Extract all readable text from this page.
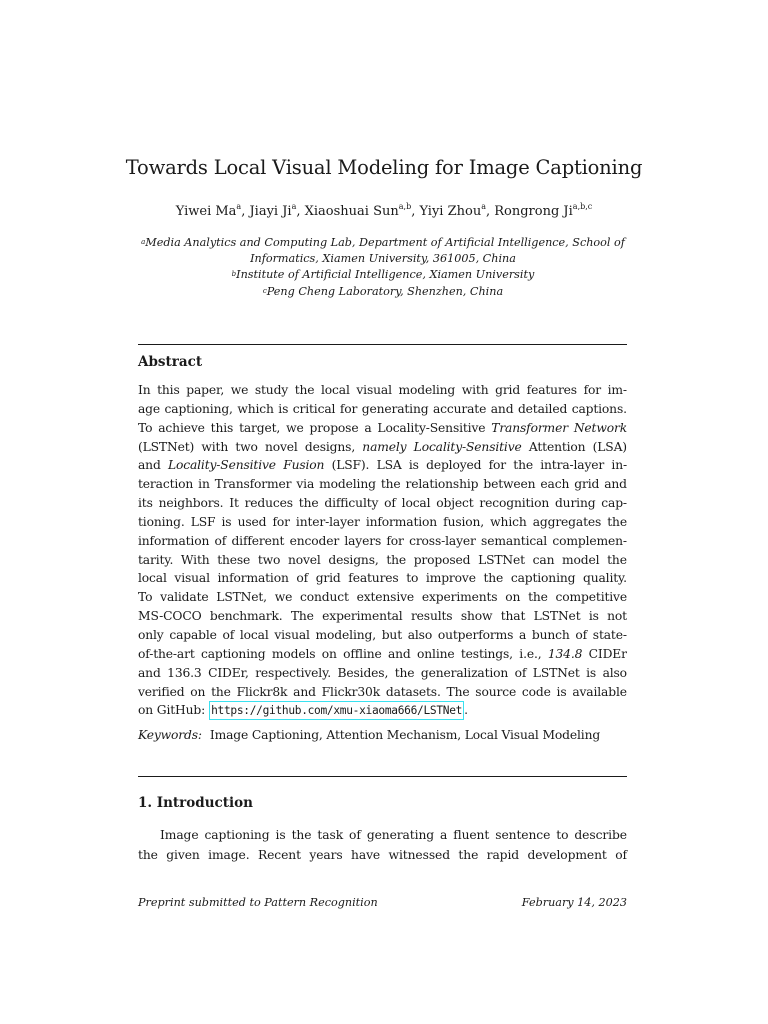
Towards Local Visual Modeling for Image Captioning
Yiwei Ma$^a$, Jiayi Ji$^a$, Xiaoshuai Sun$^{a,b}$, Yiyi Zhou$^a$, Rongrong Ji$^{a,b,c}$
$^a$Media Analytics and Computing Lab, Department of Artificial Intelligence, School of
Informatics, Xiamen University, 361005, China
$^b$Institute of Artificial Intelligence, Xiamen University
$^c$Peng Cheng Laboratory, Shenzhen, China
Abstract
In this paper, we study the local visual modeling with grid features for im-
age captioning, which is critical for generating accurate and detailed captions.
To achieve this target, we propose a Locality-Sensitive Transformer Network
(LSTNet) with two novel designs, namely Locality-Sensitive Attention (LSA)
and Locality-Sensitive Fusion (LSF). LSA is deployed for the intra-layer in-
teraction in Transformer via modeling the relationship between each grid and
its neighbors. It reduces the difficulty of local object recognition during cap-
tioning. LSF is used for inter-layer information fusion, which aggregates the
information of different encoder layers for cross-layer semantical complemen-
tarity. With these two novel designs, the proposed LSTNet can model the
local visual information of grid features to improve the captioning quality.
To validate LSTNet, we conduct extensive experiments on the competitive
MS-COCO benchmark. The experimental results show that LSTNet is not
only capable of local visual modeling, but also outperforms a bunch of state-
of-the-art captioning models on offline and online testings, i.e., 134.8 CIDEr
and 136.3 CIDEr, respectively. Besides, the generalization of LSTNet is also
verified on the Flickr8k and Flickr30k datasets. The source code is available
on GitHub: https://github.com/xmu-xiaoma666/LSTNet .
Keywords: Image Captioning, Attention Mechanism, Local Visual Modeling
1. Introduction
Image captioning is the task of generating a fluent sentence to describe
the given image. Recent years have witnessed the rapid development of
Preprint submitted to Pattern Recognition	February 14, 2023
